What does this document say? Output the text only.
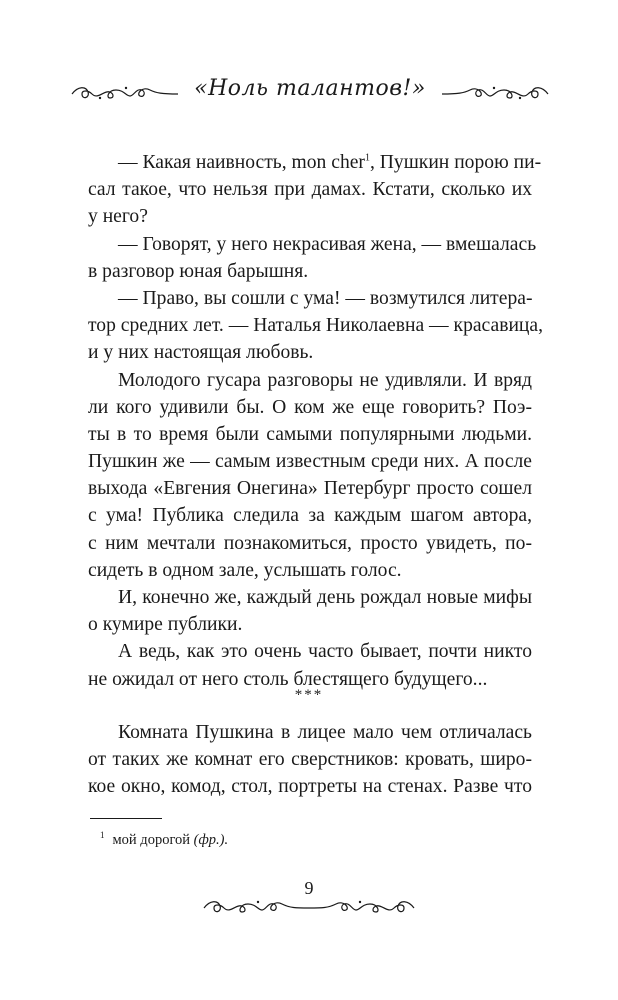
«Ноль талантов!»
— Какая наивность, mon cher$^1$, Пушкин порою пи-
сал такое, что нельзя при дамах. Кстати, сколько их
у него?
— Говорят, у него некрасивая жена, — вмешалась
в разговор юная барышня.
— Право, вы сошли с ума! — возмутился литера-
тор средних лет. — Наталья Николаевна — красавица,
и у них настоящая любовь.
Молодого гусара разговоры не удивляли. И вряд
ли кого удивили бы. О ком же еще говорить? Поэ-
ты в то время были самыми популярными людьми.
Пушкин же — самым известным среди них. А после
выхода «Евгения Онегина» Петербург просто сошел
с ума! Публика следила за каждым шагом автора,
с ним мечтали познакомиться, просто увидеть, по-
сидеть в одном зале, услышать голос.
И, конечно же, каждый день рождал новые мифы
о кумире публики.
А ведь, как это очень часто бывает, почти никто
не ожидал от него столь блестящего будущего...
***
Комната Пушкина в лицее мало чем отличалась
от таких же комнат его сверстников: кровать, широ-
кое окно, комод, стол, портреты на стенах. Разве что
$^1$ мой дорогой (фр.).
9
